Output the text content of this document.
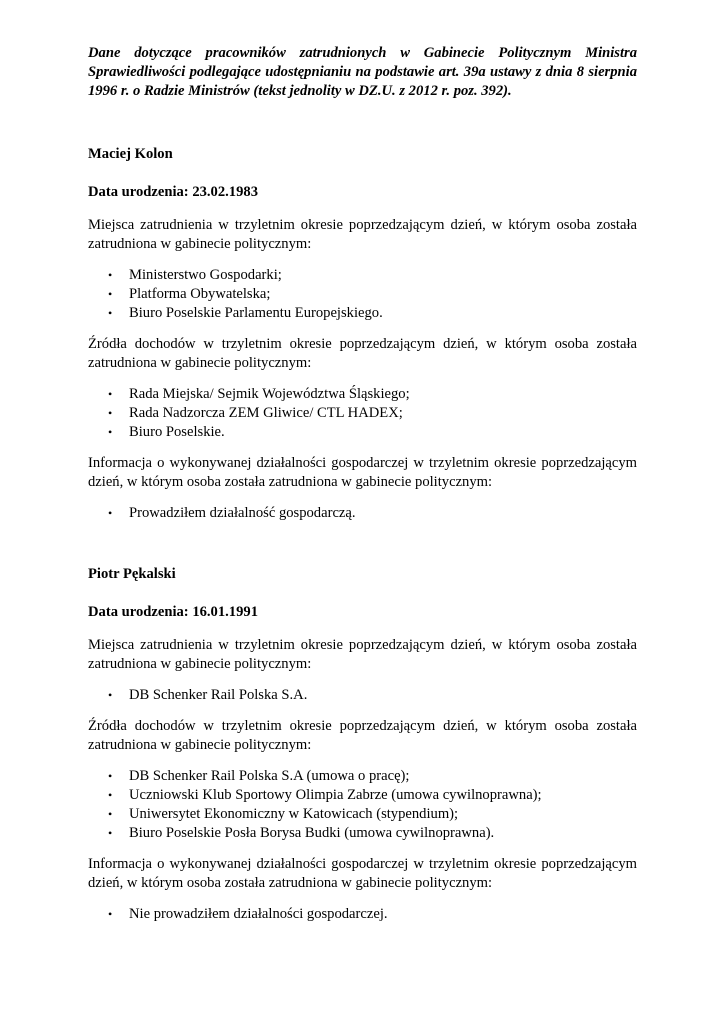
Dane dotyczące pracowników zatrudnionych w Gabinecie Politycznym Ministra Sprawiedliwości podlegające udostępnianiu na podstawie art. 39a ustawy z dnia 8 sierpnia 1996 r. o Radzie Ministrów (tekst jednolity w DZ.U. z 2012 r. poz. 392).

Maciej Kolon

Data urodzenia: 23.02.1983

Miejsca zatrudnienia w trzyletnim okresie poprzedzającym dzień, w którym osoba została zatrudniona w gabinecie politycznym:

• Ministerstwo Gospodarki;
• Platforma Obywatelska;
• Biuro Poselskie Parlamentu Europejskiego.

Źródła dochodów w trzyletnim okresie poprzedzającym dzień, w którym osoba została zatrudniona w gabinecie politycznym:

• Rada Miejska/ Sejmik Województwa Śląskiego;
• Rada Nadzorcza ZEM Gliwice/ CTL HADEX;
• Biuro Poselskie.

Informacja o wykonywanej działalności gospodarczej w trzyletnim okresie poprzedzającym dzień, w którym osoba została zatrudniona w gabinecie politycznym:

• Prowadziłem działalność gospodarczą.

Piotr Pękalski

Data urodzenia: 16.01.1991

Miejsca zatrudnienia w trzyletnim okresie poprzedzającym dzień, w którym osoba została zatrudniona w gabinecie politycznym:

• DB Schenker Rail Polska S.A.

Źródła dochodów w trzyletnim okresie poprzedzającym dzień, w którym osoba została zatrudniona w gabinecie politycznym:

• DB Schenker Rail Polska S.A (umowa o pracę);
• Uczniowski Klub Sportowy Olimpia Zabrze (umowa cywilnoprawna);
• Uniwersytet Ekonomiczny w Katowicach (stypendium);
• Biuro Poselskie Posła Borysa Budki (umowa cywilnoprawna).

Informacja o wykonywanej działalności gospodarczej w trzyletnim okresie poprzedzającym dzień, w którym osoba została zatrudniona w gabinecie politycznym:

• Nie prowadziłem działalności gospodarczej.
